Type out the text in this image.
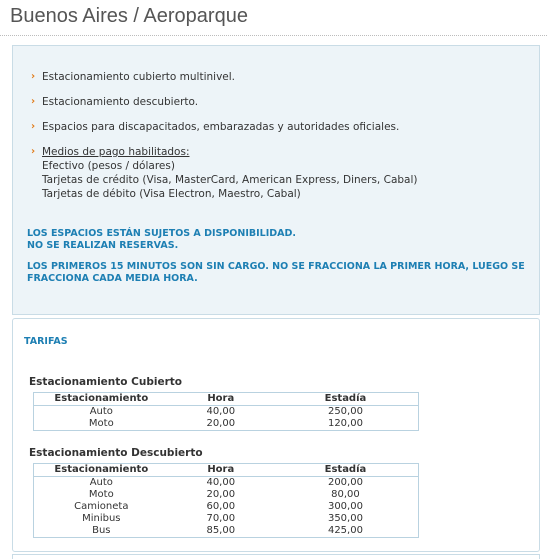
Buenos Aires / Aeroparque
› Estacionamiento cubierto multinivel.
› Estacionamiento descubierto.
› Espacios para discapacitados, embarazadas y autoridades oficiales.
› Medios de pago habilitados:
Efectivo (pesos / dólares)
Tarjetas de crédito (Visa, MasterCard, American Express, Diners, Cabal)
Tarjetas de débito (Visa Electron, Maestro, Cabal)
LOS ESPACIOS ESTÁN SUJETOS A DISPONIBILIDAD.
NO SE REALIZAN RESERVAS.
LOS PRIMEROS 15 MINUTOS SON SIN CARGO. NO SE FRACCIONA LA PRIMER HORA, LUEGO SE FRACCIONA CADA MEDIA HORA.
TARIFAS
Estacionamiento Cubierto
Estacionamiento	Hora	Estadía
Auto	40,00	250,00
Moto	20,00	120,00
Estacionamiento Descubierto
Estacionamiento	Hora	Estadía
Auto	40,00	200,00
Moto	20,00	80,00
Camioneta	60,00	300,00
Minibus	70,00	350,00
Bus	85,00	425,00
